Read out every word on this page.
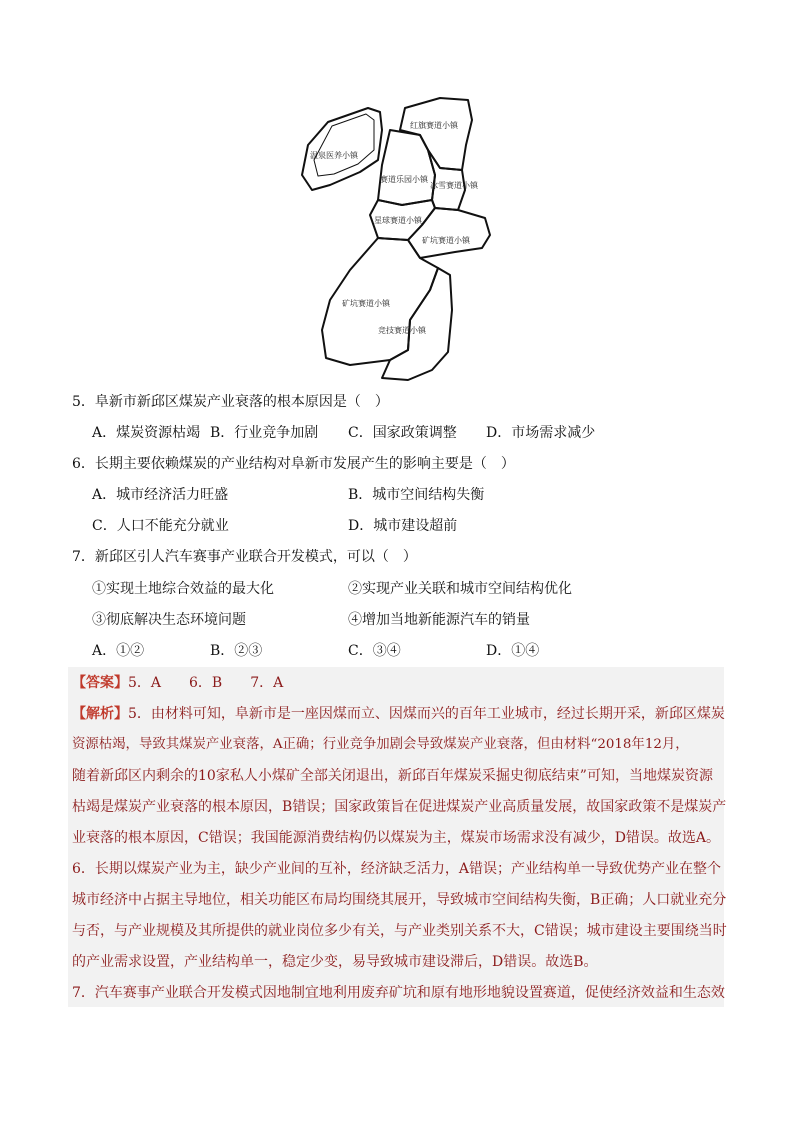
红旗赛道小镇
温泉医养小镇
赛道乐园小镇
冰雪赛道小镇
星球赛道小镇
矿坑赛道小镇
矿坑赛道小镇
竞技赛道小镇
5．阜新市新邱区煤炭产业衰落的根本原因是（　）
A．煤炭资源枯竭 B．行业竞争加剧 C．国家政策调整 D．市场需求减少
6．长期主要依赖煤炭的产业结构对阜新市发展产生的影响主要是（　）
A．城市经济活力旺盛	B．城市空间结构失衡
C．人口不能充分就业	D．城市建设超前
7．新邱区引人汽车赛事产业联合开发模式，可以（　）
①实现土地综合效益的最大化	②实现产业关联和城市空间结构优化
③彻底解决生态环境问题	④增加当地新能源汽车的销量
A．①②	B．②③	C．③④	D．①④
【答案】5．A　　6．B　　7．A
【解析】5．由材料可知，阜新市是一座因煤而立、因煤而兴的百年工业城市，经过长期开采，新邱区煤炭
资源枯竭，导致其煤炭产业衰落，A正确；行业竞争加剧会导致煤炭产业衰落，但由材料“2018年12月，
随着新邱区内剩余的10家私人小煤矿全部关闭退出，新邱百年煤炭采掘史彻底结束”可知，当地煤炭资源
枯竭是煤炭产业衰落的根本原因，B错误；国家政策旨在促进煤炭产业高质量发展，故国家政策不是煤炭产
业衰落的根本原因，C错误；我国能源消费结构仍以煤炭为主，煤炭市场需求没有减少，D错误。故选A。
6．长期以煤炭产业为主，缺少产业间的互补，经济缺乏活力，A错误；产业结构单一导致优势产业在整个
城市经济中占据主导地位，相关功能区布局均围绕其展开，导致城市空间结构失衡，B正确；人口就业充分
与否，与产业规模及其所提供的就业岗位多少有关，与产业类别关系不大，C错误；城市建设主要围绕当时
的产业需求设置，产业结构单一，稳定少变，易导致城市建设滞后，D错误。故选B。
7．汽车赛事产业联合开发模式因地制宜地利用废弃矿坑和原有地形地貌设置赛道，促使经济效益和生态效
